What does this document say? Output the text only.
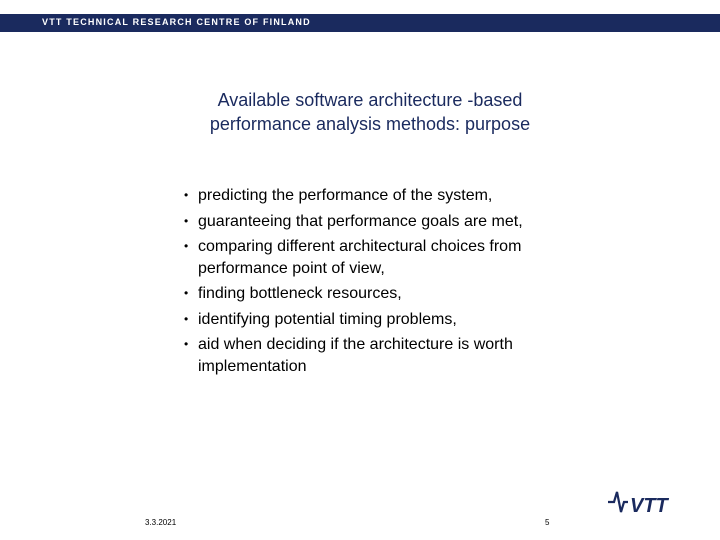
VTT TECHNICAL RESEARCH CENTRE OF FINLAND
Available software architecture -based
performance analysis methods: purpose
• predicting the performance of the system,
• guaranteeing that performance goals are met,
• comparing different architectural choices from performance point of view,
• finding bottleneck resources,
• identifying potential timing problems,
• aid when deciding if the architecture is worth implementation
3.3.2021	5
VTT
